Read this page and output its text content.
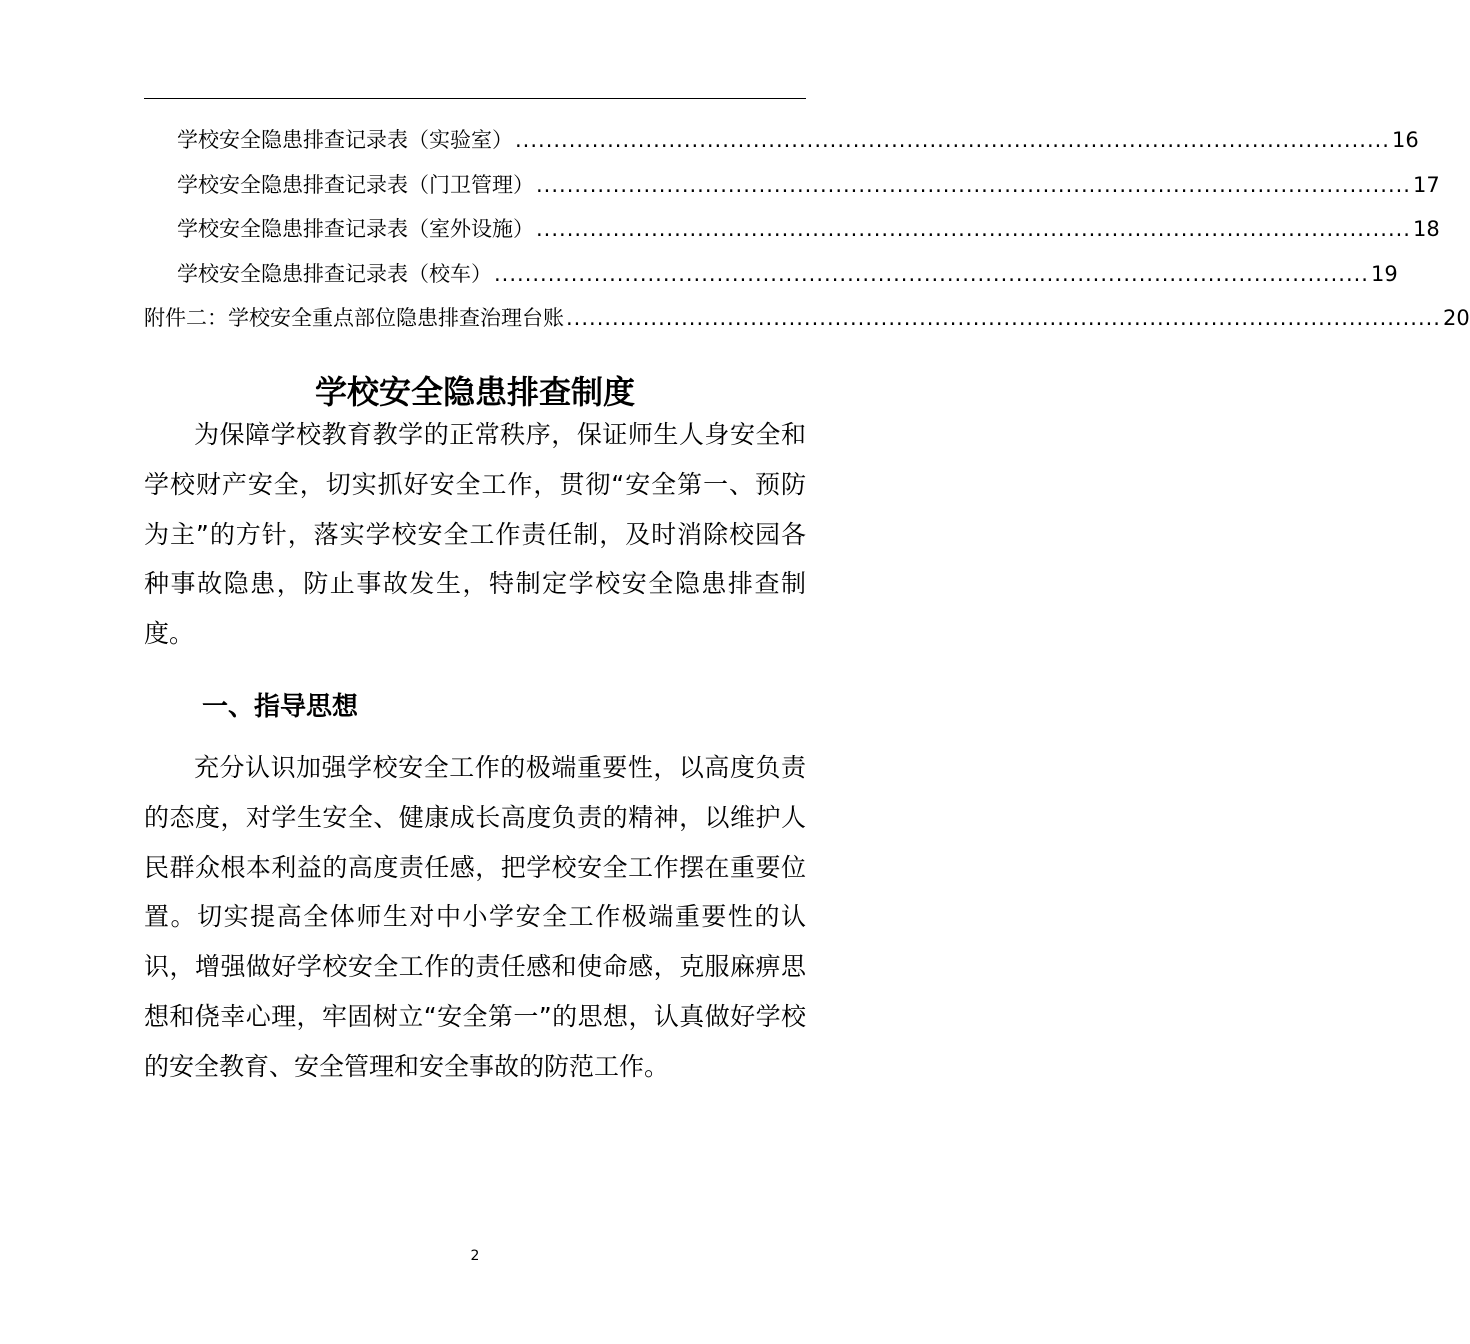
学校安全隐患排查记录表（实验室） .................................................................................................................. 16
学校安全隐患排查记录表（门卫管理） .................................................................................................................. 17
学校安全隐患排查记录表（室外设施） .................................................................................................................. 18
学校安全隐患排查记录表（校车） .................................................................................................................. 19
附件二：学校安全重点部位隐患排查治理台账 .................................................................................................................. 20
学校安全隐患排查制度

为保障学校教育教学的正常秩序，保证师生人身安全和学校财产安全，切实抓好安全工作，贯彻“安全第一、预防为主”的方针，落实学校安全工作责任制，及时消除校园各种事故隐患，防止事故发生，特制定学校安全隐患排查制度。

一、指导思想

充分认识加强学校安全工作的极端重要性，以高度负责的态度，对学生安全、健康成长高度负责的精神，以维护人民群众根本利益的高度责任感，把学校安全工作摆在重要位置。切实提高全体师生对中小学安全工作极端重要性的认识，增强做好学校安全工作的责任感和使命感，克服麻痹思想和侥幸心理，牢固树立“安全第一”的思想，认真做好学校的安全教育、安全管理和安全事故的防范工作。

2
